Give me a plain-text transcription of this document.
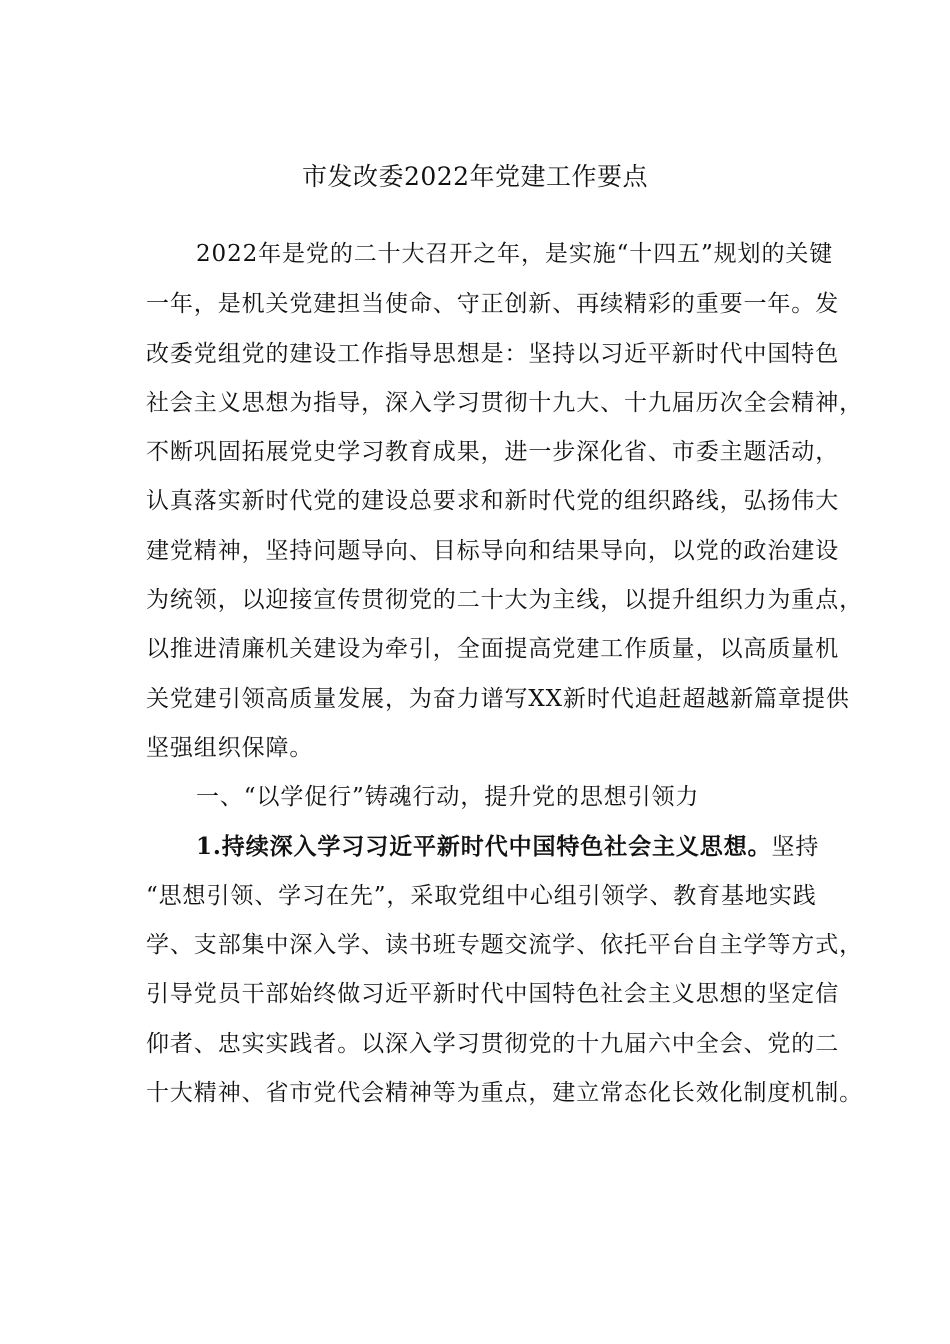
市发改委2022年党建工作要点

2022年是党的二十大召开之年，是实施“十四五”规划的关键

一年，是机关党建担当使命、守正创新、再续精彩的重要一年。发

改委党组党的建设工作指导思想是：坚持以习近平新时代中国特色

社会主义思想为指导，深入学习贯彻十九大、十九届历次全会精神，

不断巩固拓展党史学习教育成果，进一步深化省、市委主题活动，

认真落实新时代党的建设总要求和新时代党的组织路线，弘扬伟大

建党精神，坚持问题导向、目标导向和结果导向，以党的政治建设

为统领，以迎接宣传贯彻党的二十大为主线，以提升组织力为重点，

以推进清廉机关建设为牵引，全面提高党建工作质量，以高质量机

关党建引领高质量发展，为奋力谱写XX新时代追赶超越新篇章提供

坚强组织保障。

一、“以学促行”铸魂行动，提升党的思想引领力

1.持续深入学习习近平新时代中国特色社会主义思想。坚持

“思想引领、学习在先”，采取党组中心组引领学、教育基地实践

学、支部集中深入学、读书班专题交流学、依托平台自主学等方式，

引导党员干部始终做习近平新时代中国特色社会主义思想的坚定信

仰者、忠实实践者。以深入学习贯彻党的十九届六中全会、党的二

十大精神、省市党代会精神等为重点，建立常态化长效化制度机制。
